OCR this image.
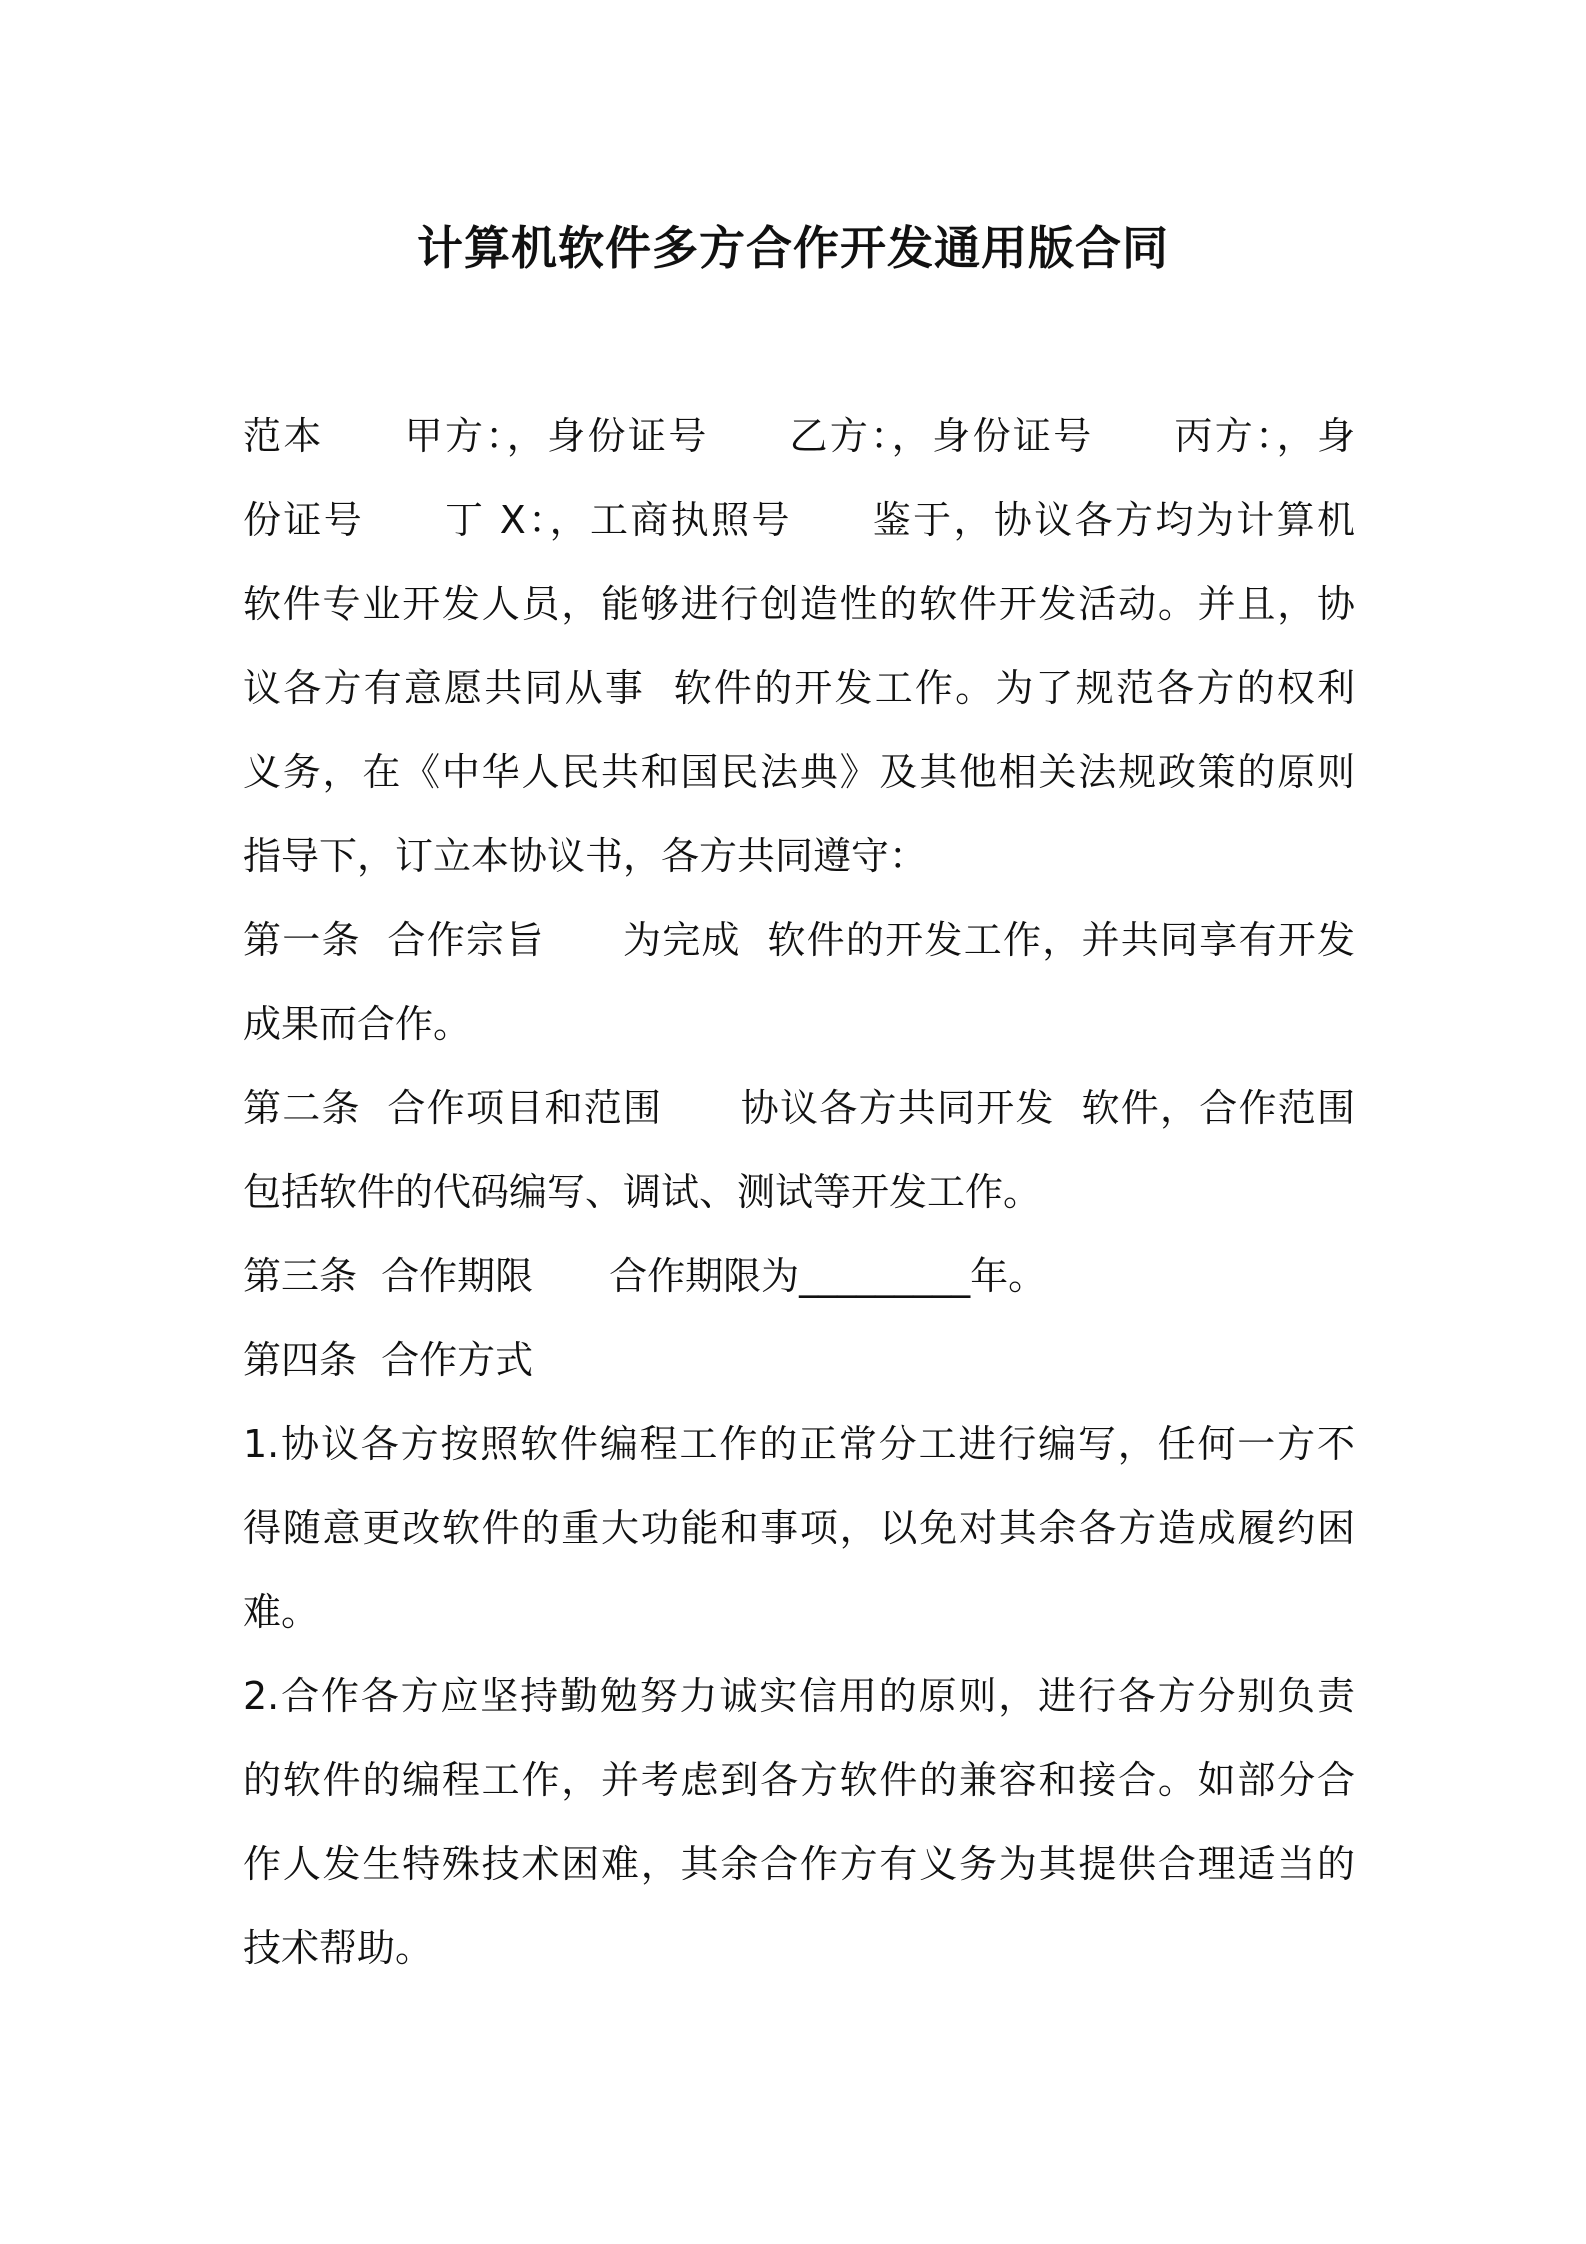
计算机软件多方合作开发通用版合同
范本　　甲方：，身份证号　　乙方：，身份证号　　丙方：，身
份证号　　丁 X：，工商执照号　　鉴于，协议各方均为计算机
软件专业开发人员，能够进行创造性的软件开发活动。并且，协
议各方有意愿共同从事  软件的开发工作。为了规范各方的权利
义务，在《中华人民共和国民法典》及其他相关法规政策的原则
指导下，订立本协议书，各方共同遵守：
第一条  合作宗旨　　为完成  软件的开发工作，并共同享有开发
成果而合作。
第二条  合作项目和范围　　协议各方共同开发  软件，合作范围
包括软件的代码编写、调试、测试等开发工作。
第三条  合作期限　　合作期限为_________年。
第四条  合作方式
1.协议各方按照软件编程工作的正常分工进行编写，任何一方不
得随意更改软件的重大功能和事项，以免对其余各方造成履约困
难。
2.合作各方应坚持勤勉努力诚实信用的原则，进行各方分别负责
的软件的编程工作，并考虑到各方软件的兼容和接合。如部分合
作人发生特殊技术困难，其余合作方有义务为其提供合理适当的
技术帮助。
